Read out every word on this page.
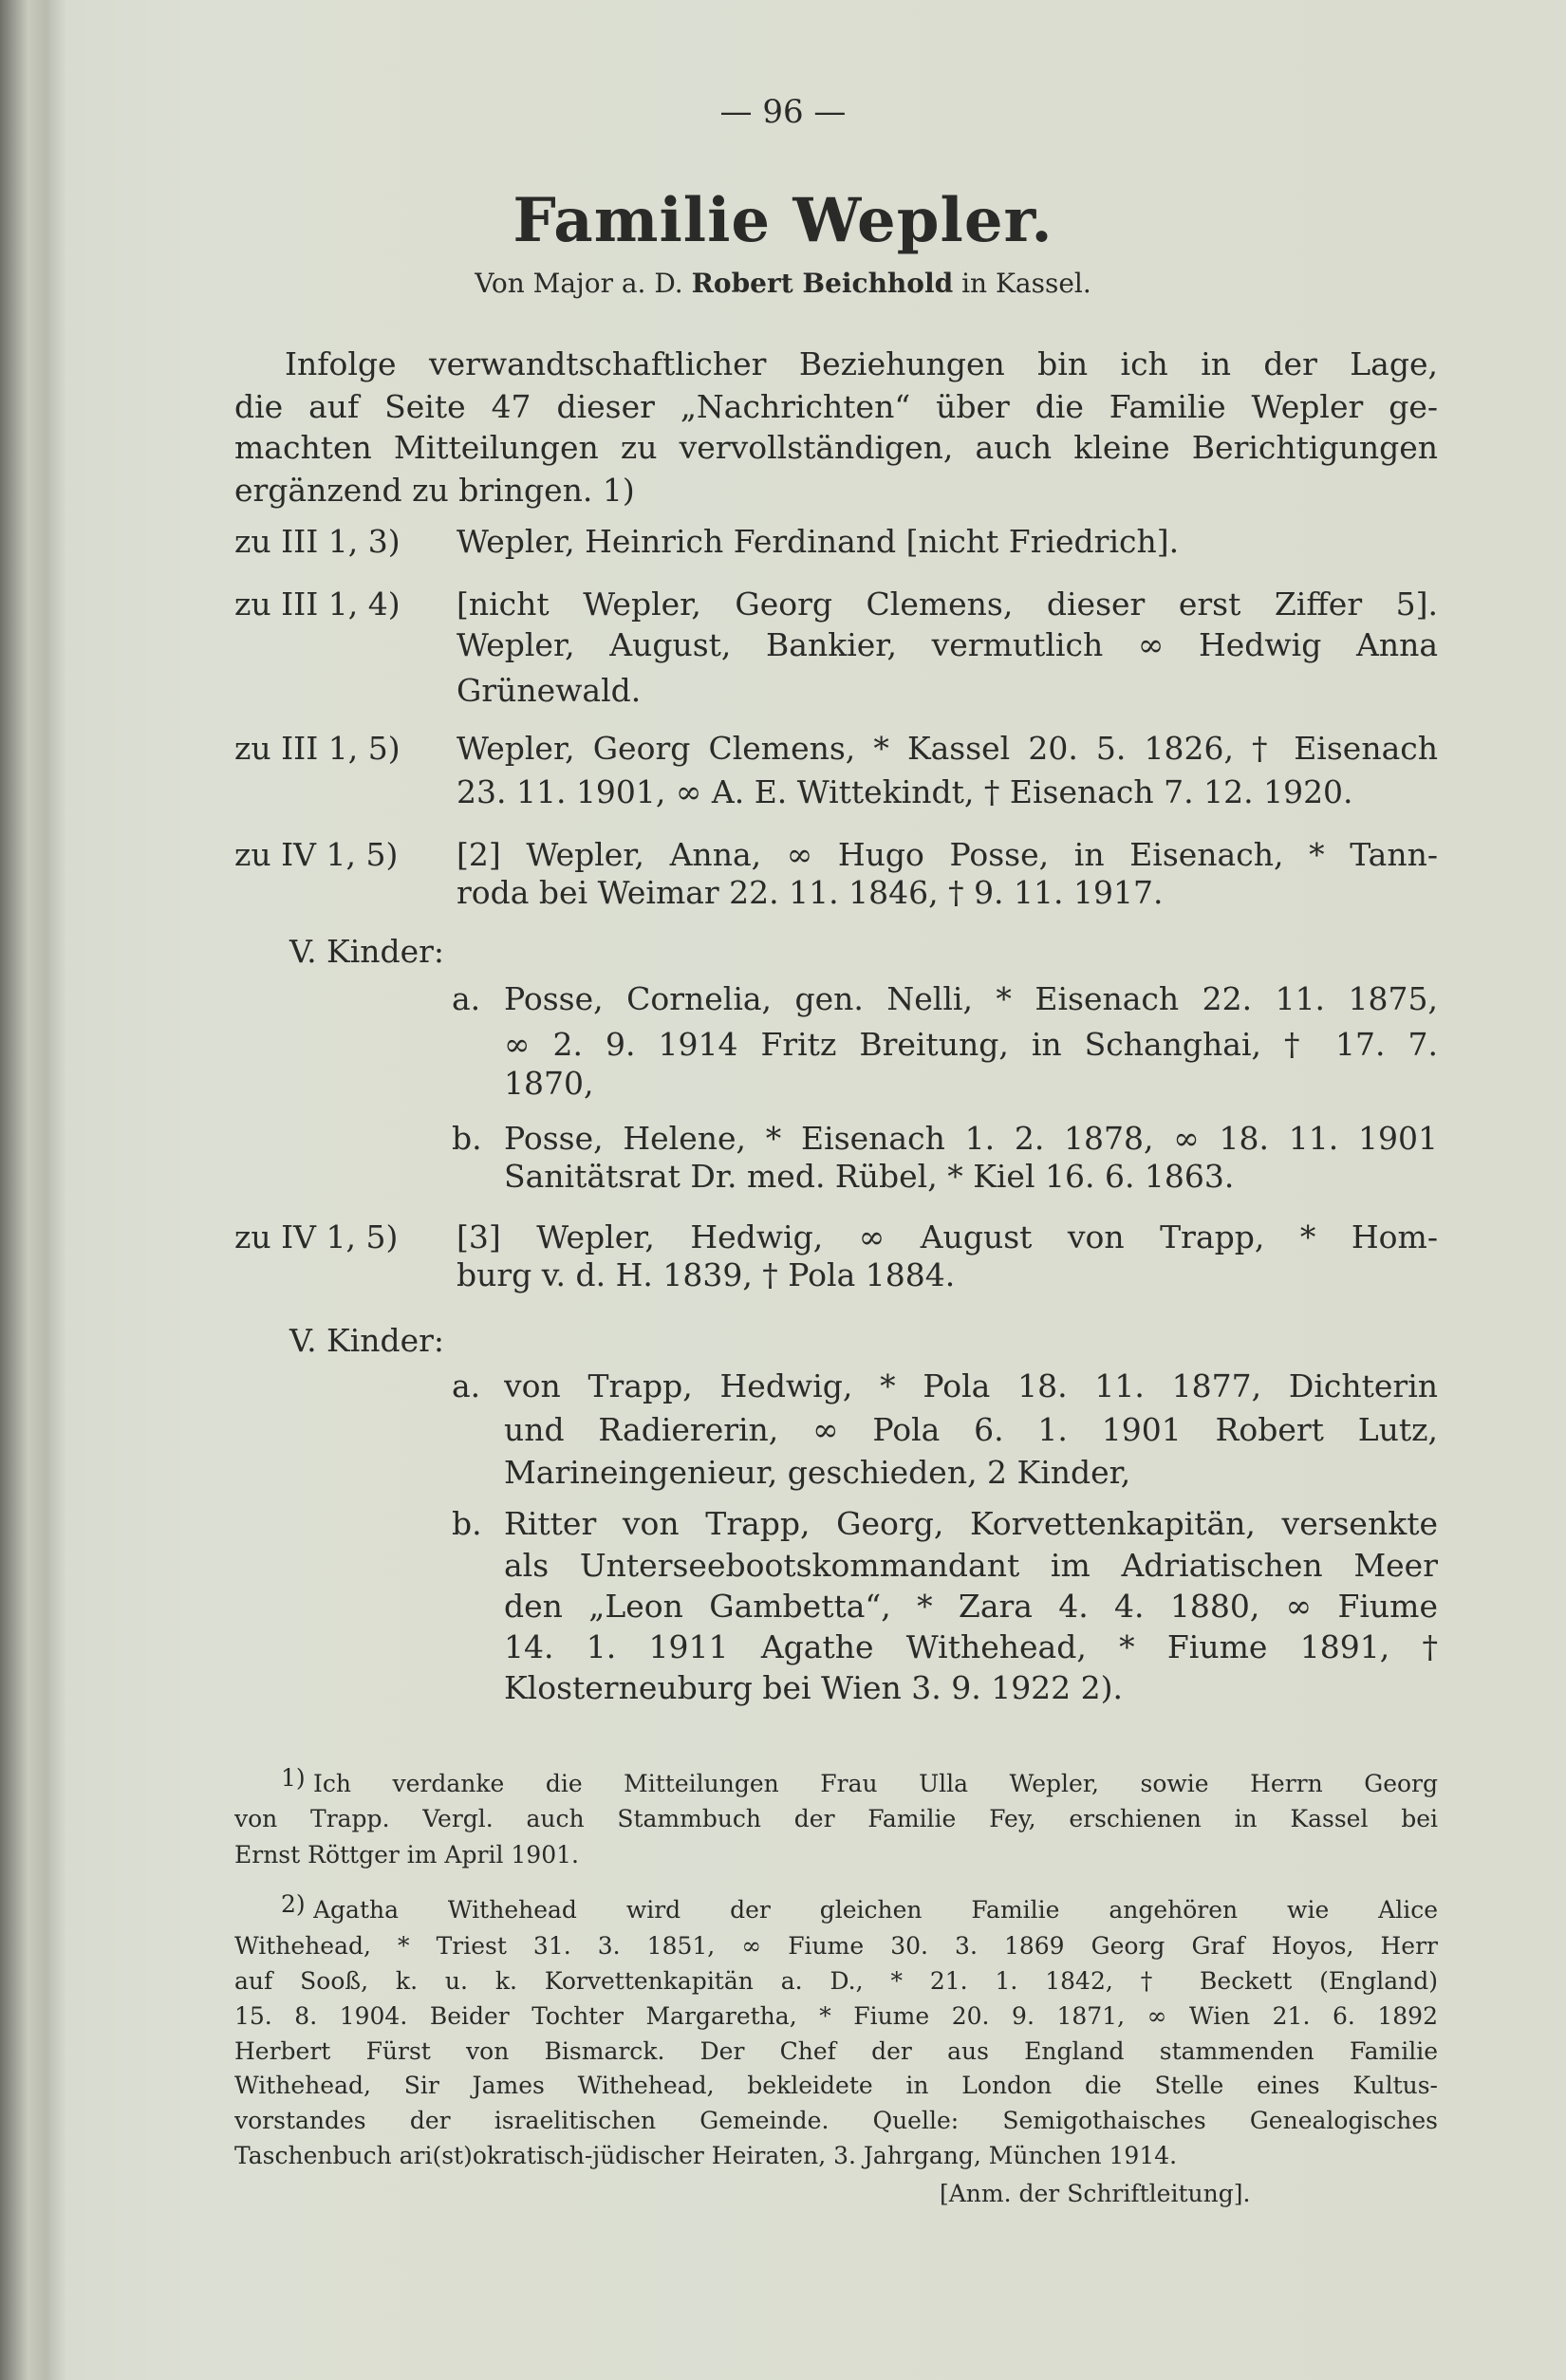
— 96 —
Familie Wepler.
Von Major a. D. Robert Beichhold in Kassel.
Infolge verwandtschaftlicher Beziehungen bin ich in der Lage,
die auf Seite 47 dieser „Nachrichten“ über die Familie Wepler ge-
machten Mitteilungen zu vervollständigen, auch kleine Berichtigungen
ergänzend zu bringen. 1)
zu III 1, 3) Wepler, Heinrich Ferdinand [nicht Friedrich].
zu III 1, 4) [nicht Wepler, Georg Clemens, dieser erst Ziffer 5].
Wepler, August, Bankier, vermutlich ∞ Hedwig Anna
Grünewald.
zu III 1, 5) Wepler, Georg Clemens, * Kassel 20. 5. 1826, † Eisenach
23. 11. 1901, ∞ A. E. Wittekindt, † Eisenach 7. 12. 1920.
zu IV 1, 5) [2] Wepler, Anna, ∞ Hugo Posse, in Eisenach, * Tann-
roda bei Weimar 22. 11. 1846, † 9. 11. 1917.
V. Kinder:
a. Posse, Cornelia, gen. Nelli, * Eisenach 22. 11. 1875,
∞ 2. 9. 1914 Fritz Breitung, in Schanghai, † 17. 7.
1870,
b. Posse, Helene, * Eisenach 1. 2. 1878, ∞ 18. 11. 1901
Sanitätsrat Dr. med. Rübel, * Kiel 16. 6. 1863.
zu IV 1, 5) [3] Wepler, Hedwig, ∞ August von Trapp, * Hom-
burg v. d. H. 1839, † Pola 1884.
V. Kinder:
a. von Trapp, Hedwig, * Pola 18. 11. 1877, Dichterin
und Radiererin, ∞ Pola 6. 1. 1901 Robert Lutz,
Marineingenieur, geschieden, 2 Kinder,
b. Ritter von Trapp, Georg, Korvettenkapitän, versenkte
als Unterseebootskommandant im Adriatischen Meer
den „Leon Gambetta“, * Zara 4. 4. 1880, ∞ Fiume
14. 1. 1911 Agathe Withehead, * Fiume 1891, †
Klosterneuburg bei Wien 3. 9. 1922 2).
1) Ich verdanke die Mitteilungen Frau Ulla Wepler, sowie Herrn Georg
von Trapp. Vergl. auch Stammbuch der Familie Fey, erschienen in Kassel bei
Ernst Röttger im April 1901.
2) Agatha Withehead wird der gleichen Familie angehören wie Alice
Withehead, * Triest 31. 3. 1851, ∞ Fiume 30. 3. 1869 Georg Graf Hoyos, Herr
auf Sooß, k. u. k. Korvettenkapitän a. D., * 21. 1. 1842, † Beckett (England)
15. 8. 1904. Beider Tochter Margaretha, * Fiume 20. 9. 1871, ∞ Wien 21. 6. 1892
Herbert Fürst von Bismarck. Der Chef der aus England stammenden Familie
Withehead, Sir James Withehead, bekleidete in London die Stelle eines Kultus-
vorstandes der israelitischen Gemeinde. Quelle: Semigothaisches Genealogisches
Taschenbuch ari(st)okratisch-jüdischer Heiraten, 3. Jahrgang, München 1914.
[Anm. der Schriftleitung].
